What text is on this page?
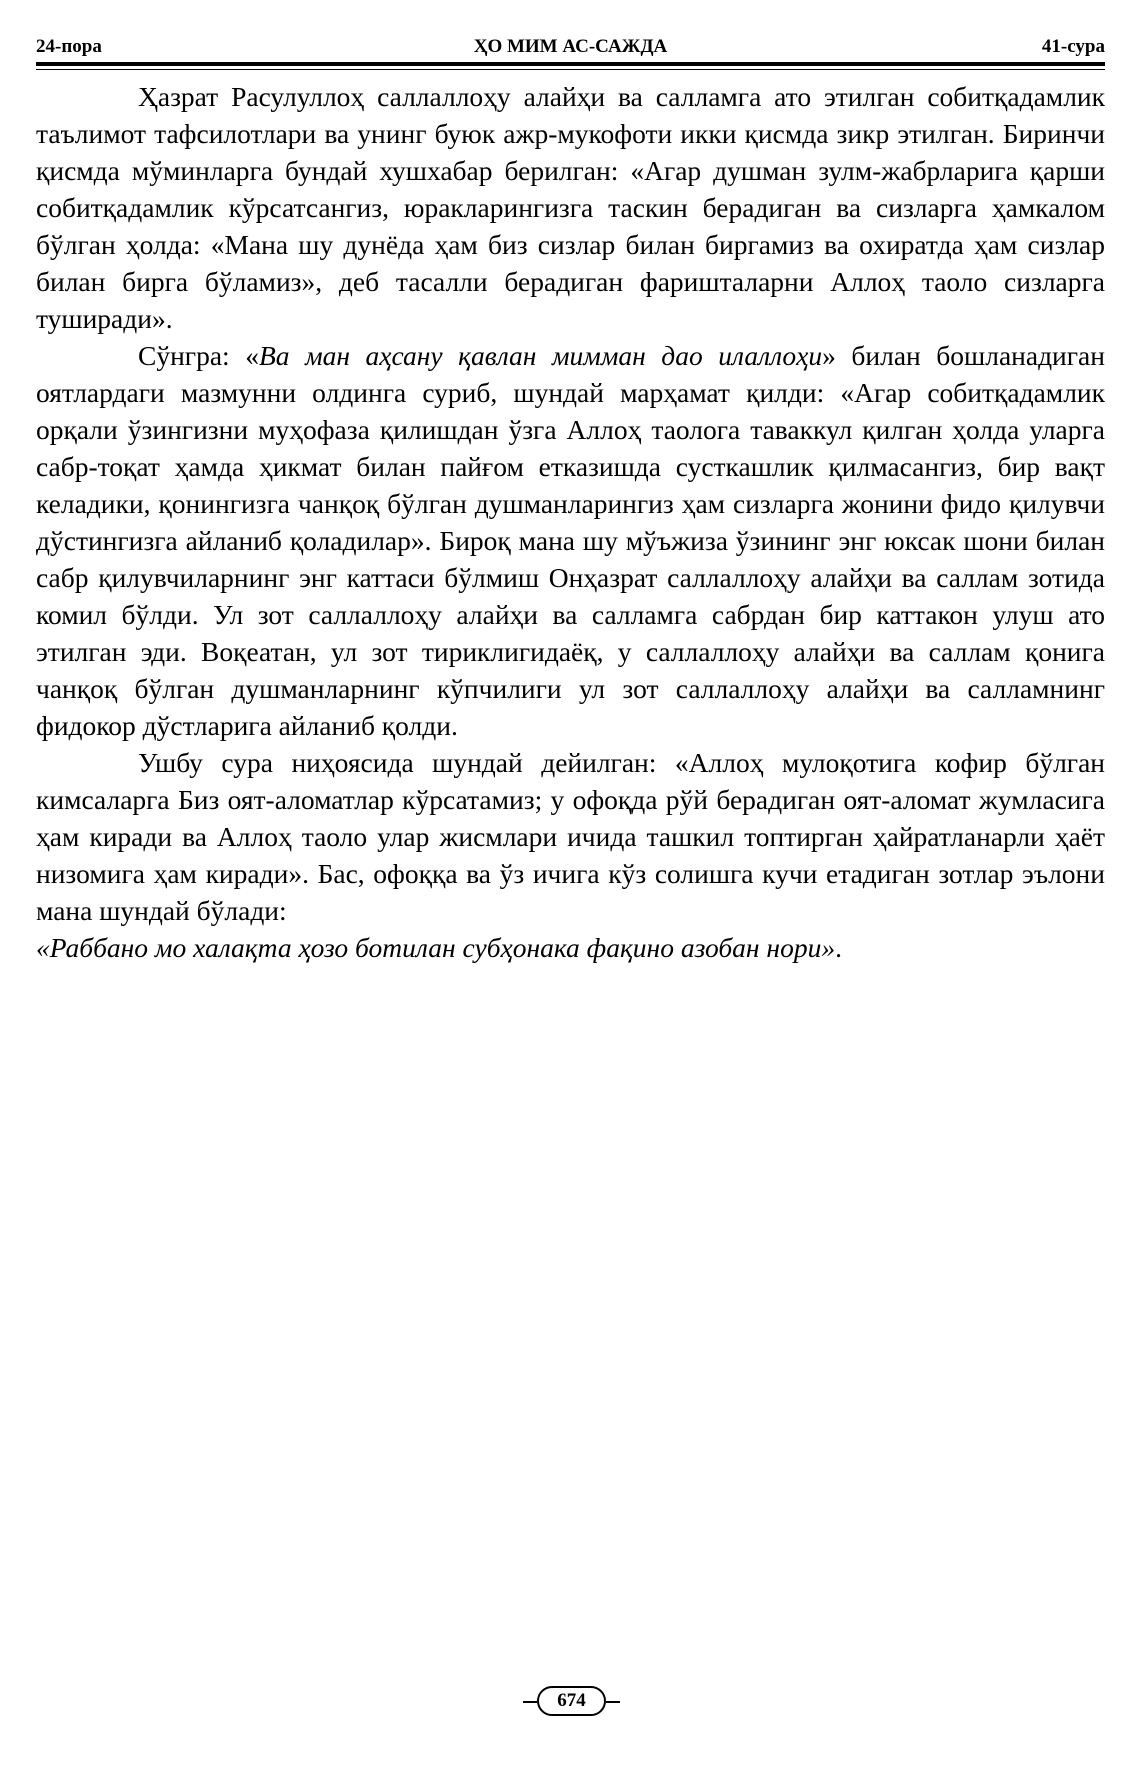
24-пора	ҲО МИМ АС-САЖДА	41-сура

Ҳазрат Расулуллоҳ саллаллоҳу алайҳи ва салламга ато этилган собитқадамлик таълимот тафсилотлари ва унинг буюк ажр-мукофоти икки қисмда зикр этилган. Биринчи қисмда мўминларга бундай хушхабар берилган: «Агар душман зулм-жабрларига қарши собитқадамлик кўрсатсангиз, юракларингизга таскин берадиган ва сизларга ҳамкалом бўлган ҳолда: «Мана шу дунёда ҳам биз сизлар билан биргамиз ва охиратда ҳам сизлар билан бирга бўламиз», деб тасалли берадиган фаришталарни Аллоҳ таоло сизларга туширади».

Сўнгра: «Ва ман аҳсану қавлан мимман дао илаллоҳи» билан бошланадиган оятлардаги мазмунни олдинга суриб, шундай марҳамат қилди: «Агар собитқадамлик орқали ўзингизни муҳофаза қилишдан ўзга Аллоҳ таологa таваккул қилган ҳолда уларга сабр-тоқат ҳамда ҳикмат билан пайғом етказишда сусткашлик қилмасангиз, бир вақт келадики, қонингизга чанқоқ бўлган душманларингиз ҳам сизларга жонини фидо қилувчи дўстингизга айланиб қоладилар». Бироқ мана шу мўъжиза ўзининг энг юксак шони билан сабр қилувчиларнинг энг каттаси бўлмиш Онҳазрат саллаллоҳу алайҳи ва саллам зотида комил бўлди. Ул зот саллаллоҳу алайҳи ва салламга сабрдан бир каттакон улуш ато этилган эди. Воқеатан, ул зот тириклигидаёқ, у саллаллоҳу алайҳи ва саллам қонига чанқоқ бўлган душманларнинг кўпчилиги ул зот саллаллоҳу алайҳи ва салламнинг фидокор дўстларига айланиб қолди.

Ушбу сура ниҳоясида шундай дейилган: «Аллоҳ мулоқотига кофир бўлган кимсаларга Биз оят-аломатлар кўрсатамиз; у офоқда рўй берадиган оят-аломат жумласига ҳам киради ва Аллоҳ таоло улар жисмлари ичида ташкил топтирган ҳайратланарли ҳаёт низомига ҳам киради». Бас, офоққа ва ўз ичига кўз солишга кучи етадиган зотлар эълони мана шундай бўлади:

«Раббано мо халақта ҳозо ботилан субҳонака фақино азобан нори».

674
